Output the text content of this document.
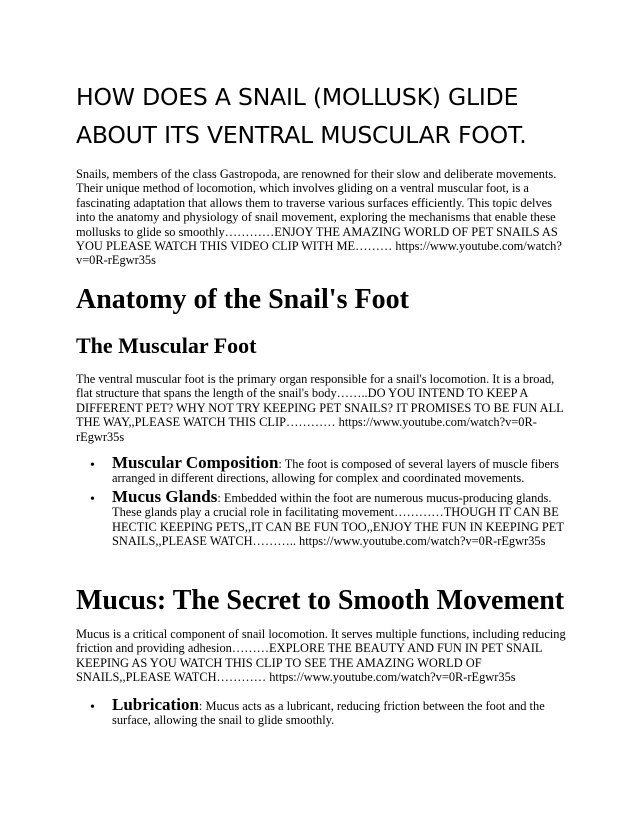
HOW DOES A SNAIL (MOLLUSK) GLIDE ABOUT ITS VENTRAL MUSCULAR FOOT.

Snails, members of the class Gastropoda, are renowned for their slow and deliberate movements. Their unique method of locomotion, which involves gliding on a ventral muscular foot, is a fascinating adaptation that allows them to traverse various surfaces efficiently. This topic delves into the anatomy and physiology of snail movement, exploring the mechanisms that enable these mollusks to glide so smoothly…………ENJOY THE AMAZING WORLD OF PET SNAILS AS YOU PLEASE WATCH THIS VIDEO CLIP WITH ME……… https://www.youtube.com/watch?v=0R-rEgwr35s

Anatomy of the Snail's Foot
The Muscular Foot

The ventral muscular foot is the primary organ responsible for a snail's locomotion. It is a broad, flat structure that spans the length of the snail's body……..DO YOU INTEND TO KEEP A DIFFERENT PET? WHY NOT TRY KEEPING PET SNAILS? IT PROMISES TO BE FUN ALL THE WAY,,PLEASE WATCH THIS CLIP………… https://www.youtube.com/watch?v=0R-rEgwr35s

• Muscular Composition: The foot is composed of several layers of muscle fibers arranged in different directions, allowing for complex and coordinated movements.

• Mucus Glands: Embedded within the foot are numerous mucus-producing glands. These glands play a crucial role in facilitating movement…………THOUGH IT CAN BE HECTIC KEEPING PETS,,IT CAN BE FUN TOO,,ENJOY THE FUN IN KEEPING PET SNAILS,,PLEASE WATCH……….. https://www.youtube.com/watch?v=0R-rEgwr35s

Mucus: The Secret to Smooth Movement

Mucus is a critical component of snail locomotion. It serves multiple functions, including reducing friction and providing adhesion………EXPLORE THE BEAUTY AND FUN IN PET SNAIL KEEPING AS YOU WATCH THIS CLIP TO SEE THE AMAZING WORLD OF SNAILS,,PLEASE WATCH………… https://www.youtube.com/watch?v=0R-rEgwr35s

• Lubrication: Mucus acts as a lubricant, reducing friction between the foot and the surface, allowing the snail to glide smoothly.
